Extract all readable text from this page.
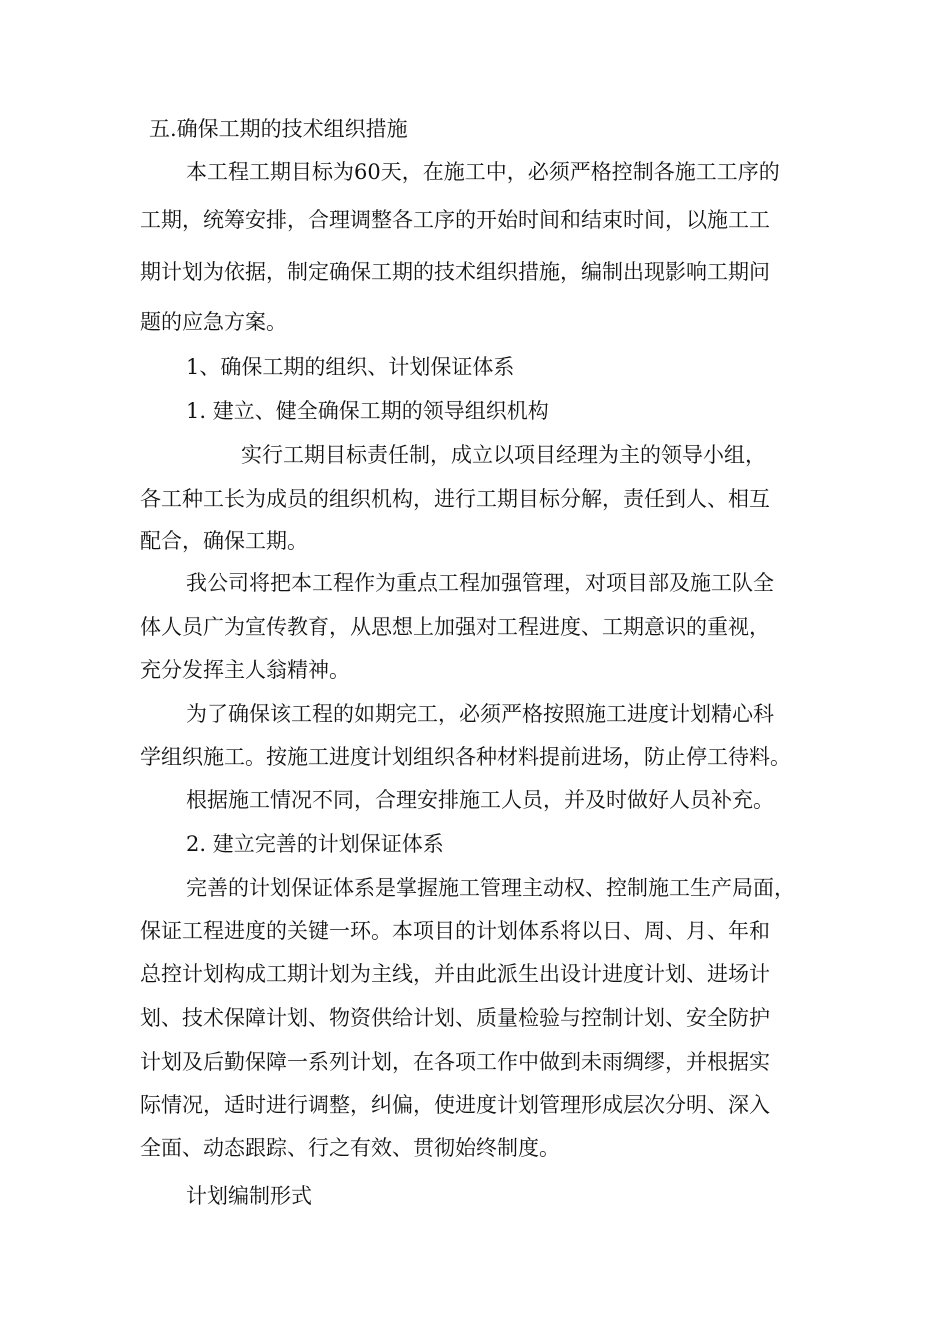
五.确保工期的技术组织措施
本工程工期目标为60天，在施工中，必须严格控制各施工工序的
工期，统筹安排，合理调整各工序的开始时间和结束时间，以施工工
期计划为依据，制定确保工期的技术组织措施，编制出现影响工期问
题的应急方案。
1、确保工期的组织、计划保证体系
1. 建立、健全确保工期的领导组织机构
实行工期目标责任制，成立以项目经理为主的领导小组，
各工种工长为成员的组织机构，进行工期目标分解，责任到人、相互
配合，确保工期。
我公司将把本工程作为重点工程加强管理，对项目部及施工队全
体人员广为宣传教育，从思想上加强对工程进度、工期意识的重视，
充分发挥主人翁精神。
为了确保该工程的如期完工，必须严格按照施工进度计划精心科
学组织施工。按施工进度计划组织各种材料提前进场，防止停工待料。
根据施工情况不同，合理安排施工人员，并及时做好人员补充。
2. 建立完善的计划保证体系
完善的计划保证体系是掌握施工管理主动权、控制施工生产局面，
保证工程进度的关键一环。本项目的计划体系将以日、周、月、年和
总控计划构成工期计划为主线，并由此派生出设计进度计划、进场计
划、技术保障计划、物资供给计划、质量检验与控制计划、安全防护
计划及后勤保障一系列计划，在各项工作中做到未雨绸缪，并根据实
际情况，适时进行调整，纠偏，使进度计划管理形成层次分明、深入
全面、动态跟踪、行之有效、贯彻始终制度。
计划编制形式
